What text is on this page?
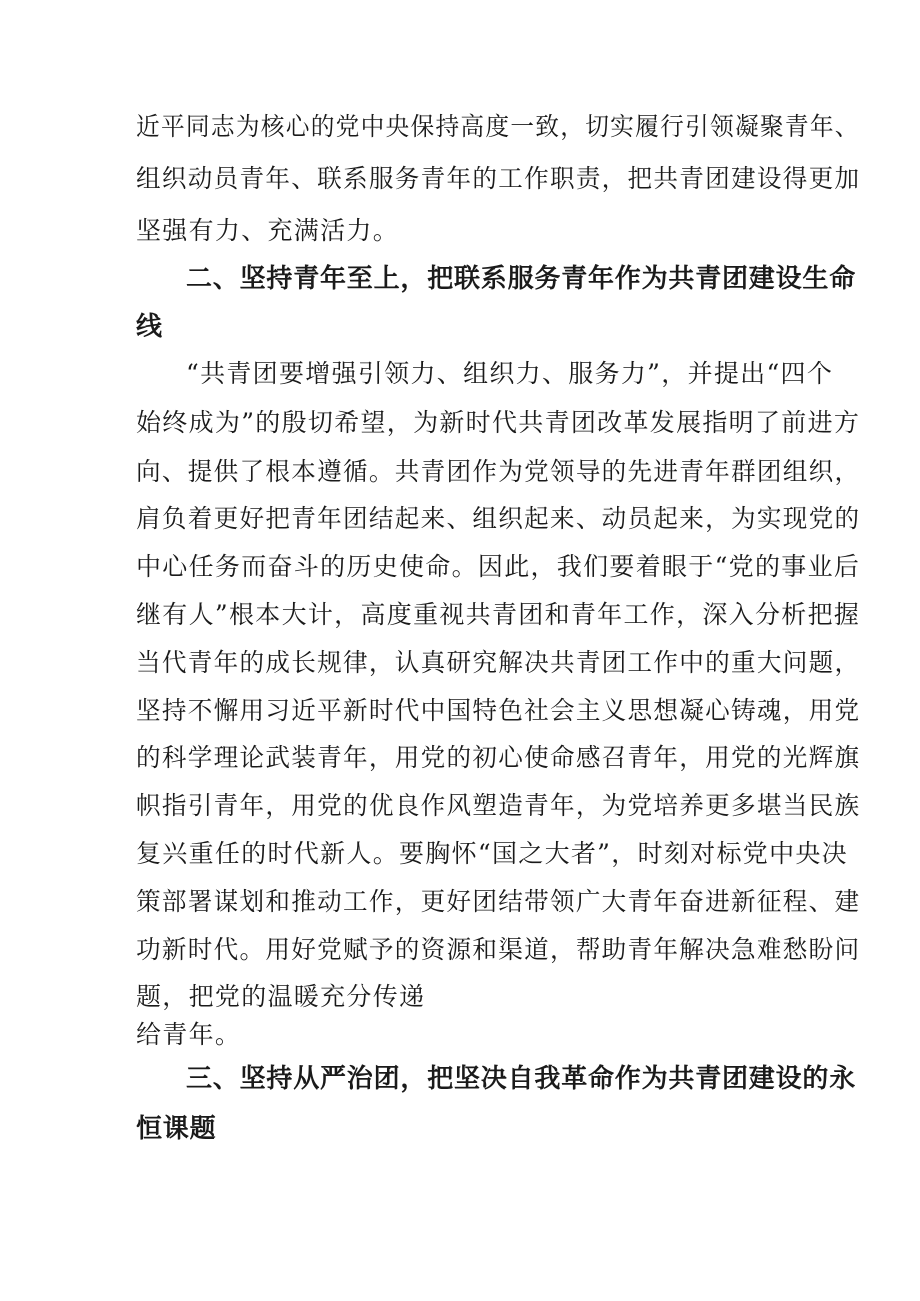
近平同志为核心的党中央保持高度一致，切实履行引领凝聚青年、
组织动员青年、联系服务青年的工作职责，把共青团建设得更加
坚强有力、充满活力。
二、坚持青年至上，把联系服务青年作为共青团建设生命
线
“共青团要增强引领力、组织力、服务力”，并提出“四个
始终成为”的殷切希望，为新时代共青团改革发展指明了前进方
向、提供了根本遵循。共青团作为党领导的先进青年群团组织，
肩负着更好把青年团结起来、组织起来、动员起来，为实现党的
中心任务而奋斗的历史使命。因此，我们要着眼于“党的事业后
继有人”根本大计，高度重视共青团和青年工作，深入分析把握
当代青年的成长规律，认真研究解决共青团工作中的重大问题，
坚持不懈用习近平新时代中国特色社会主义思想凝心铸魂，用党
的科学理论武装青年，用党的初心使命感召青年，用党的光辉旗
帜指引青年，用党的优良作风塑造青年，为党培养更多堪当民族
复兴重任的时代新人。要胸怀“国之大者”，时刻对标党中央决
策部署谋划和推动工作，更好团结带领广大青年奋进新征程、建
功新时代。用好党赋予的资源和渠道，帮助青年解决急难愁盼问
题，把党的温暖充分传递
给青年。
三、坚持从严治团，把坚决自我革命作为共青团建设的永
恒课题
